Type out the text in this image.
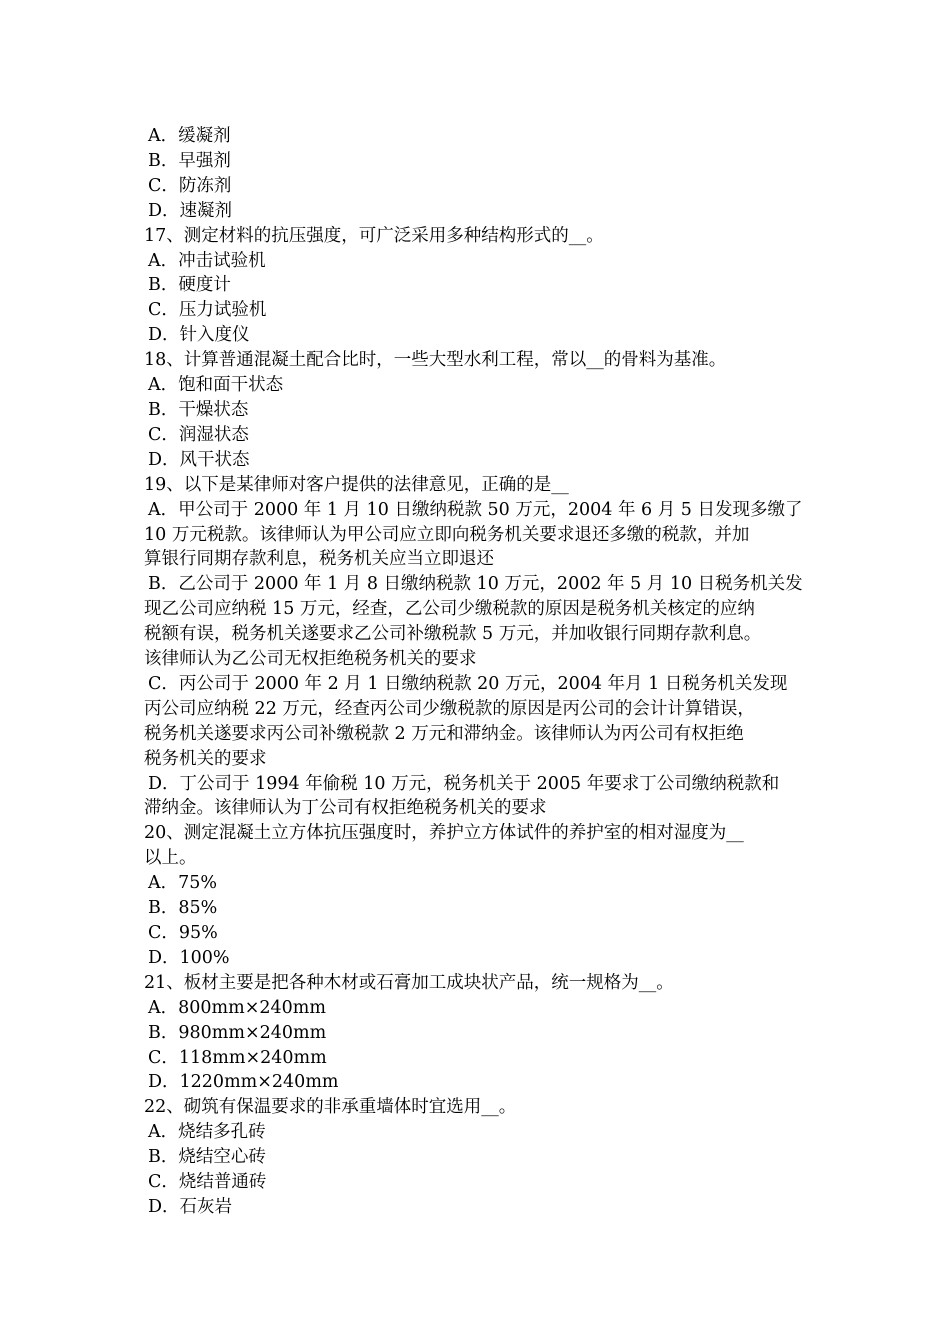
A．缓凝剂
B．早强剂
C．防冻剂
D．速凝剂
17、测定材料的抗压强度，可广泛采用多种结构形式的__。
A．冲击试验机
B．硬度计
C．压力试验机
D．针入度仪
18、计算普通混凝土配合比时，一些大型水利工程，常以__的骨料为基准。
A．饱和面干状态
B．干燥状态
C．润湿状态
D．风干状态
19、以下是某律师对客户提供的法律意见，正确的是__
A．甲公司于 2000 年 1 月 10 日缴纳税款 50 万元，2004 年 6 月 5 日发现多缴了
10 万元税款。该律师认为甲公司应立即向税务机关要求退还多缴的税款，并加
算银行同期存款利息，税务机关应当立即退还
B．乙公司于 2000 年 1 月 8 日缴纳税款 10 万元，2002 年 5 月 10 日税务机关发
现乙公司应纳税 15 万元，经查，乙公司少缴税款的原因是税务机关核定的应纳
税额有误，税务机关遂要求乙公司补缴税款 5 万元，并加收银行同期存款利息。
该律师认为乙公司无权拒绝税务机关的要求
C．丙公司于 2000 年 2 月 1 日缴纳税款 20 万元，2004 年月 1 日税务机关发现
丙公司应纳税 22 万元，经查丙公司少缴税款的原因是丙公司的会计计算错误，
税务机关遂要求丙公司补缴税款 2 万元和滞纳金。该律师认为丙公司有权拒绝
税务机关的要求
D．丁公司于 1994 年偷税 10 万元，税务机关于 2005 年要求丁公司缴纳税款和
滞纳金。该律师认为丁公司有权拒绝税务机关的要求
20、测定混凝土立方体抗压强度时，养护立方体试件的养护室的相对湿度为__
以上。
A．75%
B．85%
C．95%
D．100%
21、板材主要是把各种木材或石膏加工成块状产品，统一规格为__。
A．800mm×240mm
B．980mm×240mm
C．118mm×240mm
D．1220mm×240mm
22、砌筑有保温要求的非承重墙体时宜选用__。
A．烧结多孔砖
B．烧结空心砖
C．烧结普通砖
D．石灰岩
